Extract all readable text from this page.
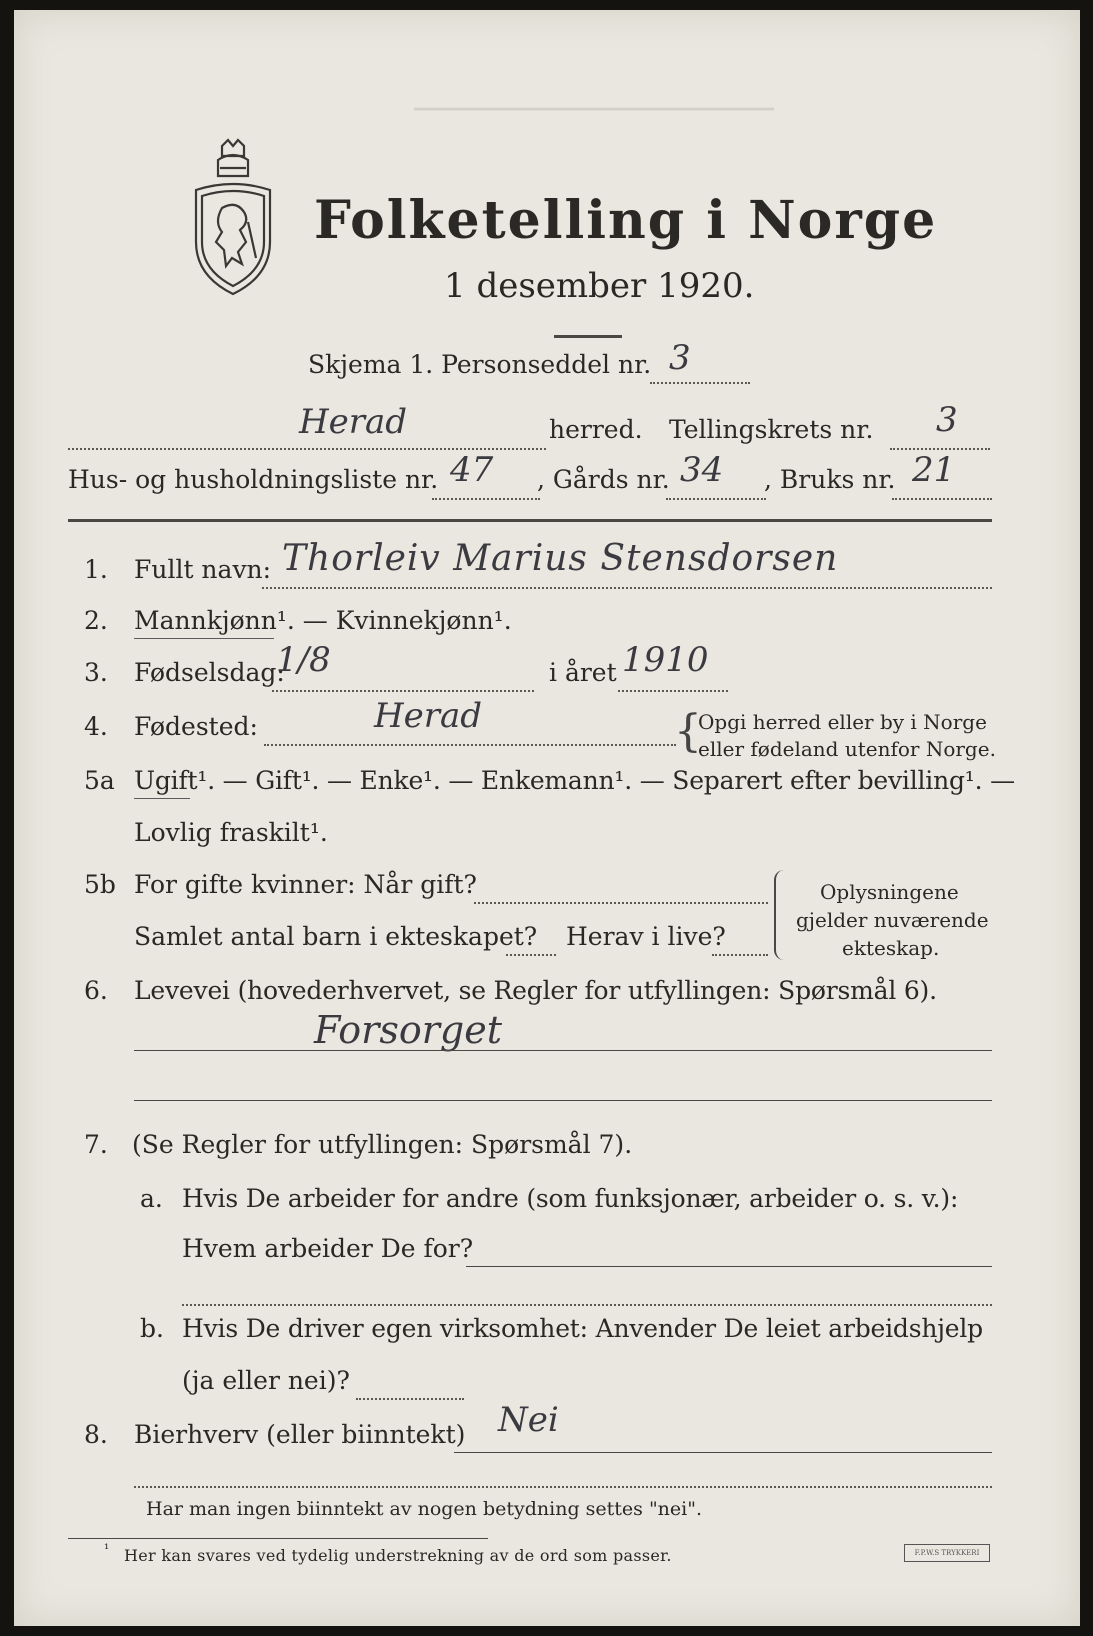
▁▁▁▁▁▁▁▁▁▁▁▁▁▁▁▁▁▁▁▁▁▁▁▁▁▁
Folketelling i Norge
1 desember 1920.
Skjema 1. Personseddel nr. 3
Herad	herred. Tellingskrets nr. 3
Hus- og husholdningsliste nr. 47 , Gårds nr. 34 , Bruks nr. 21
1. Fullt navn: Thorleiv Marius Stensdorsen
2. Mannkjønn¹. — Kvinnekjønn¹.
3. Fødselsdag:
1/8	i året 1910
4. Fødested:	Herad	{
Opgi herred eller by i Norge
eller fødeland utenfor Norge.
5a Ugift¹. — Gift¹. — Enke¹. — Enkemann¹. — Separert efter bevilling¹. —
Lovlig fraskilt¹.
5b For gifte kvinner: Når gift?
Samlet antal barn i ekteskapet? Herav i live?
Oplysningene
gjelder nuværende
ekteskap.
6. Levevei (hovederhvervet, se Regler for utfyllingen: Spørsmål 6).
Forsorget
7. (Se Regler for utfyllingen: Spørsmål 7).
a. Hvis De arbeider for andre (som funksjonær, arbeider o. s. v.):
Hvem arbeider De for?
b. Hvis De driver egen virksomhet: Anvender De leiet arbeidshjelp
(ja eller nei)?
8. Bierhverv (eller biinntekt) Nei
Har man ingen biinntekt av nogen betydning settes "nei".
¹ Her kan svares ved tydelig understrekning av de ord som passer.	F.P.W.S TRYKKERI
